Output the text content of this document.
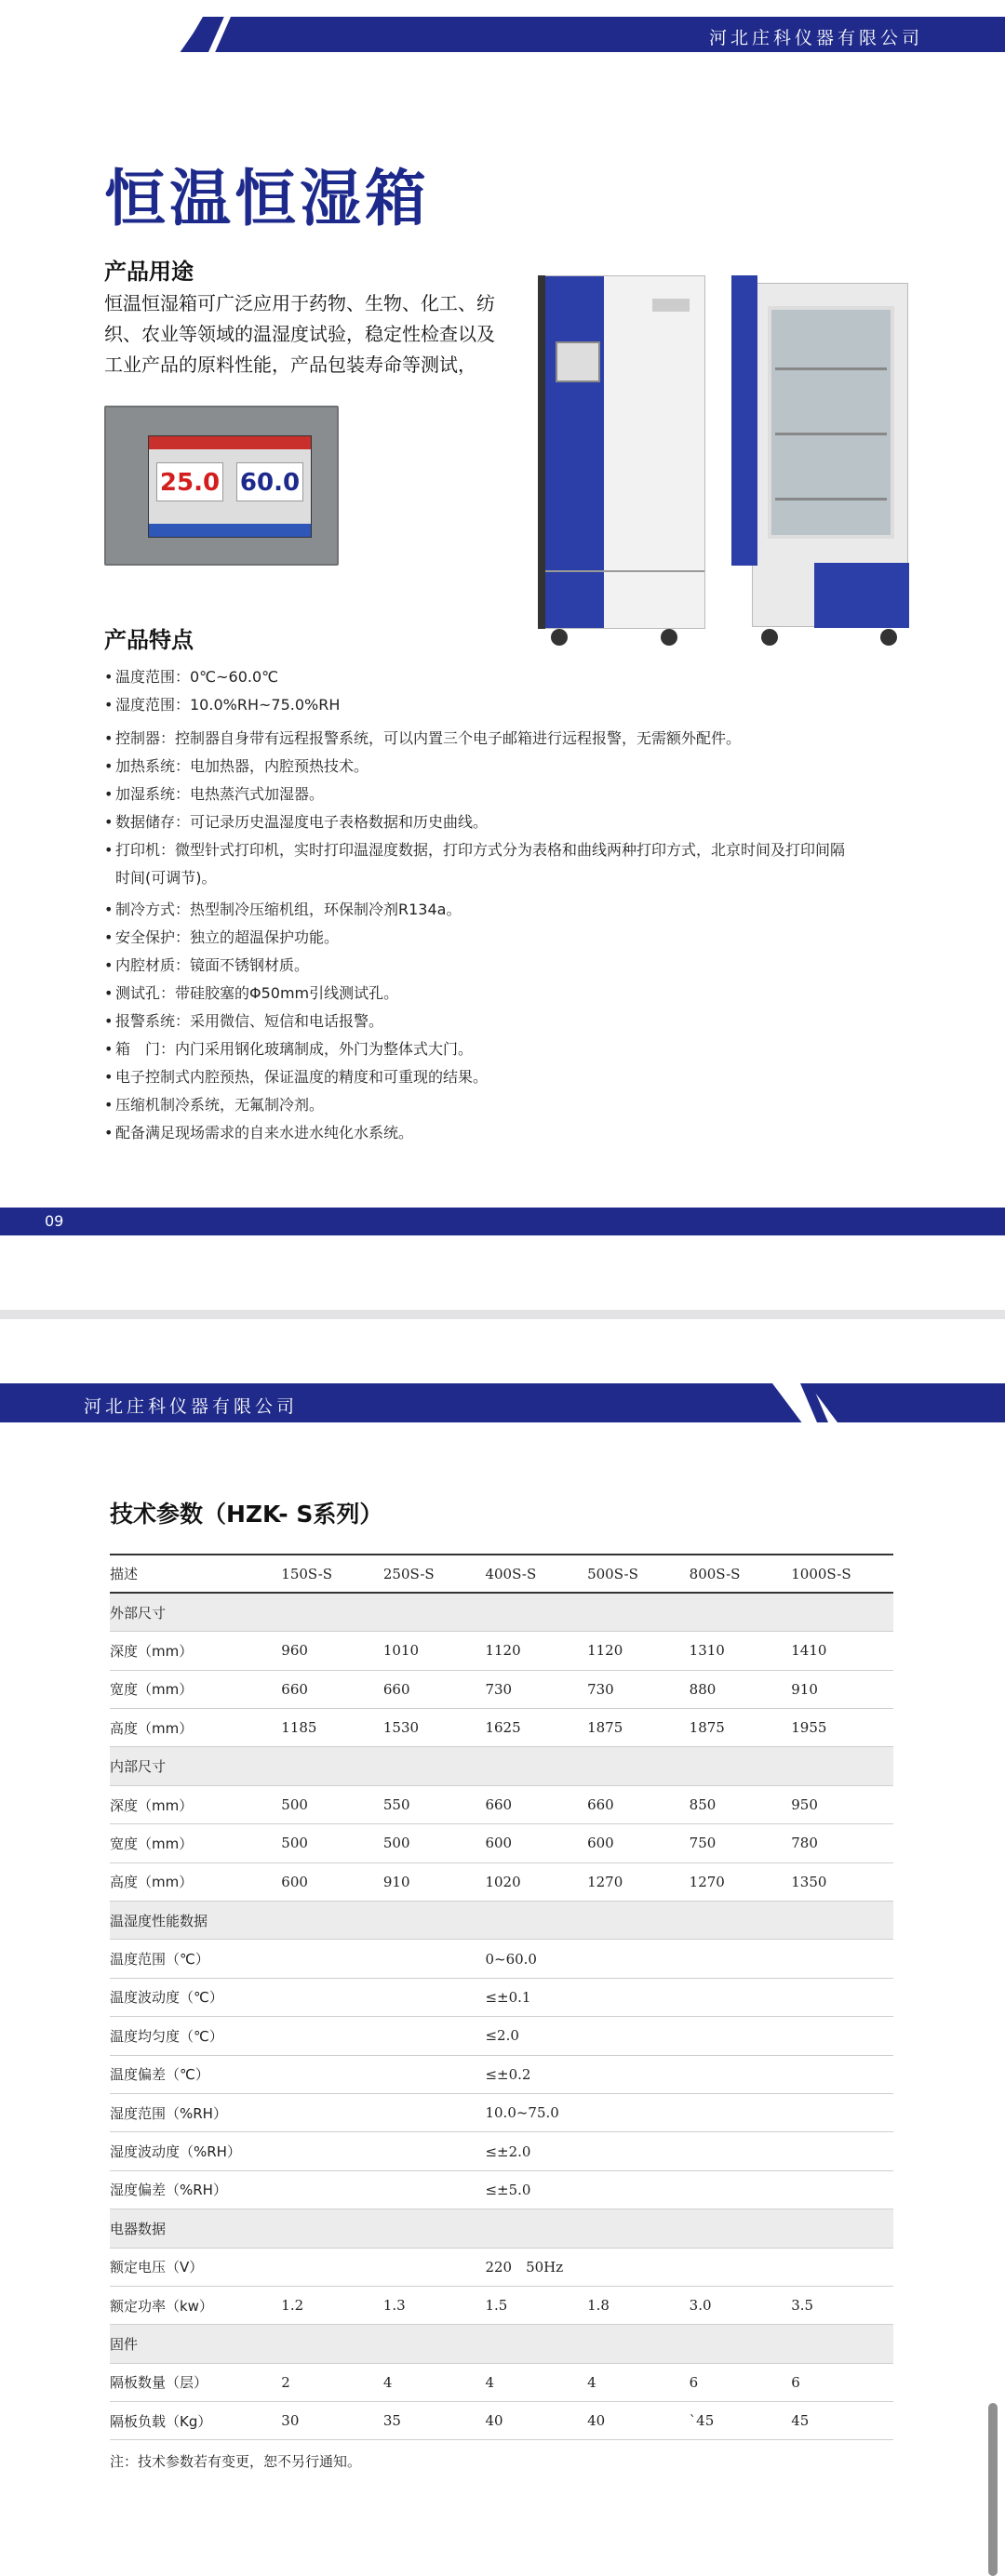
河北庄科仪器有限公司
恒温恒湿箱
产品用途
恒温恒湿箱可广泛应用于药物、生物、化工、纺织、农业等领域的温湿度试验，稳定性检查以及工业产品的原料性能，产品包装寿命等测试，
25.0 60.0
产品特点
• 温度范围：0℃~60.0℃
• 湿度范围：10.0%RH~75.0%RH
• 控制器：控制器自身带有远程报警系统，可以内置三个电子邮箱进行远程报警，无需额外配件。
• 加热系统：电加热器，内腔预热技术。
• 加湿系统：电热蒸汽式加湿器。
• 数据储存：可记录历史温湿度电子表格数据和历史曲线。
• 打印机：微型针式打印机，实时打印温湿度数据，打印方式分为表格和曲线两种打印方式，北京时间及打印间隔时间(可调节)。
• 制冷方式：热型制冷压缩机组，环保制冷剂R134a。
• 安全保护：独立的超温保护功能。
• 内腔材质：镜面不锈钢材质。
• 测试孔：带硅胶塞的Φ50mm引线测试孔。
• 报警系统：采用微信、短信和电话报警。
• 箱　门：内门采用钢化玻璃制成，外门为整体式大门。
• 电子控制式内腔预热，保证温度的精度和可重现的结果。
• 压缩机制冷系统，无氟制冷剂。
• 配备满足现场需求的自来水进水纯化水系统。
09
河北庄科仪器有限公司
技术参数（HZK- S系列）
描述	150S-S	250S-S	400S-S	500S-S	800S-S	1000S-S
外部尺寸						
深度（mm）	960	1010	1120	1120	1310	1410
宽度（mm）	660	660	730	730	880	910
高度（mm）	1185	1530	1625	1875	1875	1955
内部尺寸						
深度（mm）	500	550	660	660	850	950
宽度（mm）	500	500	600	600	750	780
高度（mm）	600	910	1020	1270	1270	1350
温湿度性能数据						
温度范围（℃）			0~60.0			
温度波动度（℃）			≤±0.1			
温度均匀度（℃）			≤2.0			
温度偏差（℃）			≤±0.2			
湿度范围（%RH）			10.0~75.0			
湿度波动度（%RH）			≤±2.0			
湿度偏差（%RH）			≤±5.0			
电器数据						
额定电压（V）			220　50Hz			
额定功率（kw）	1.2	1.3	1.5	1.8	3.0	3.5
固件						
隔板数量（层）	2	4	4	4	6	6
隔板负载（Kg）	30	35	40	40	`45	45
注：技术参数若有变更，恕不另行通知。
